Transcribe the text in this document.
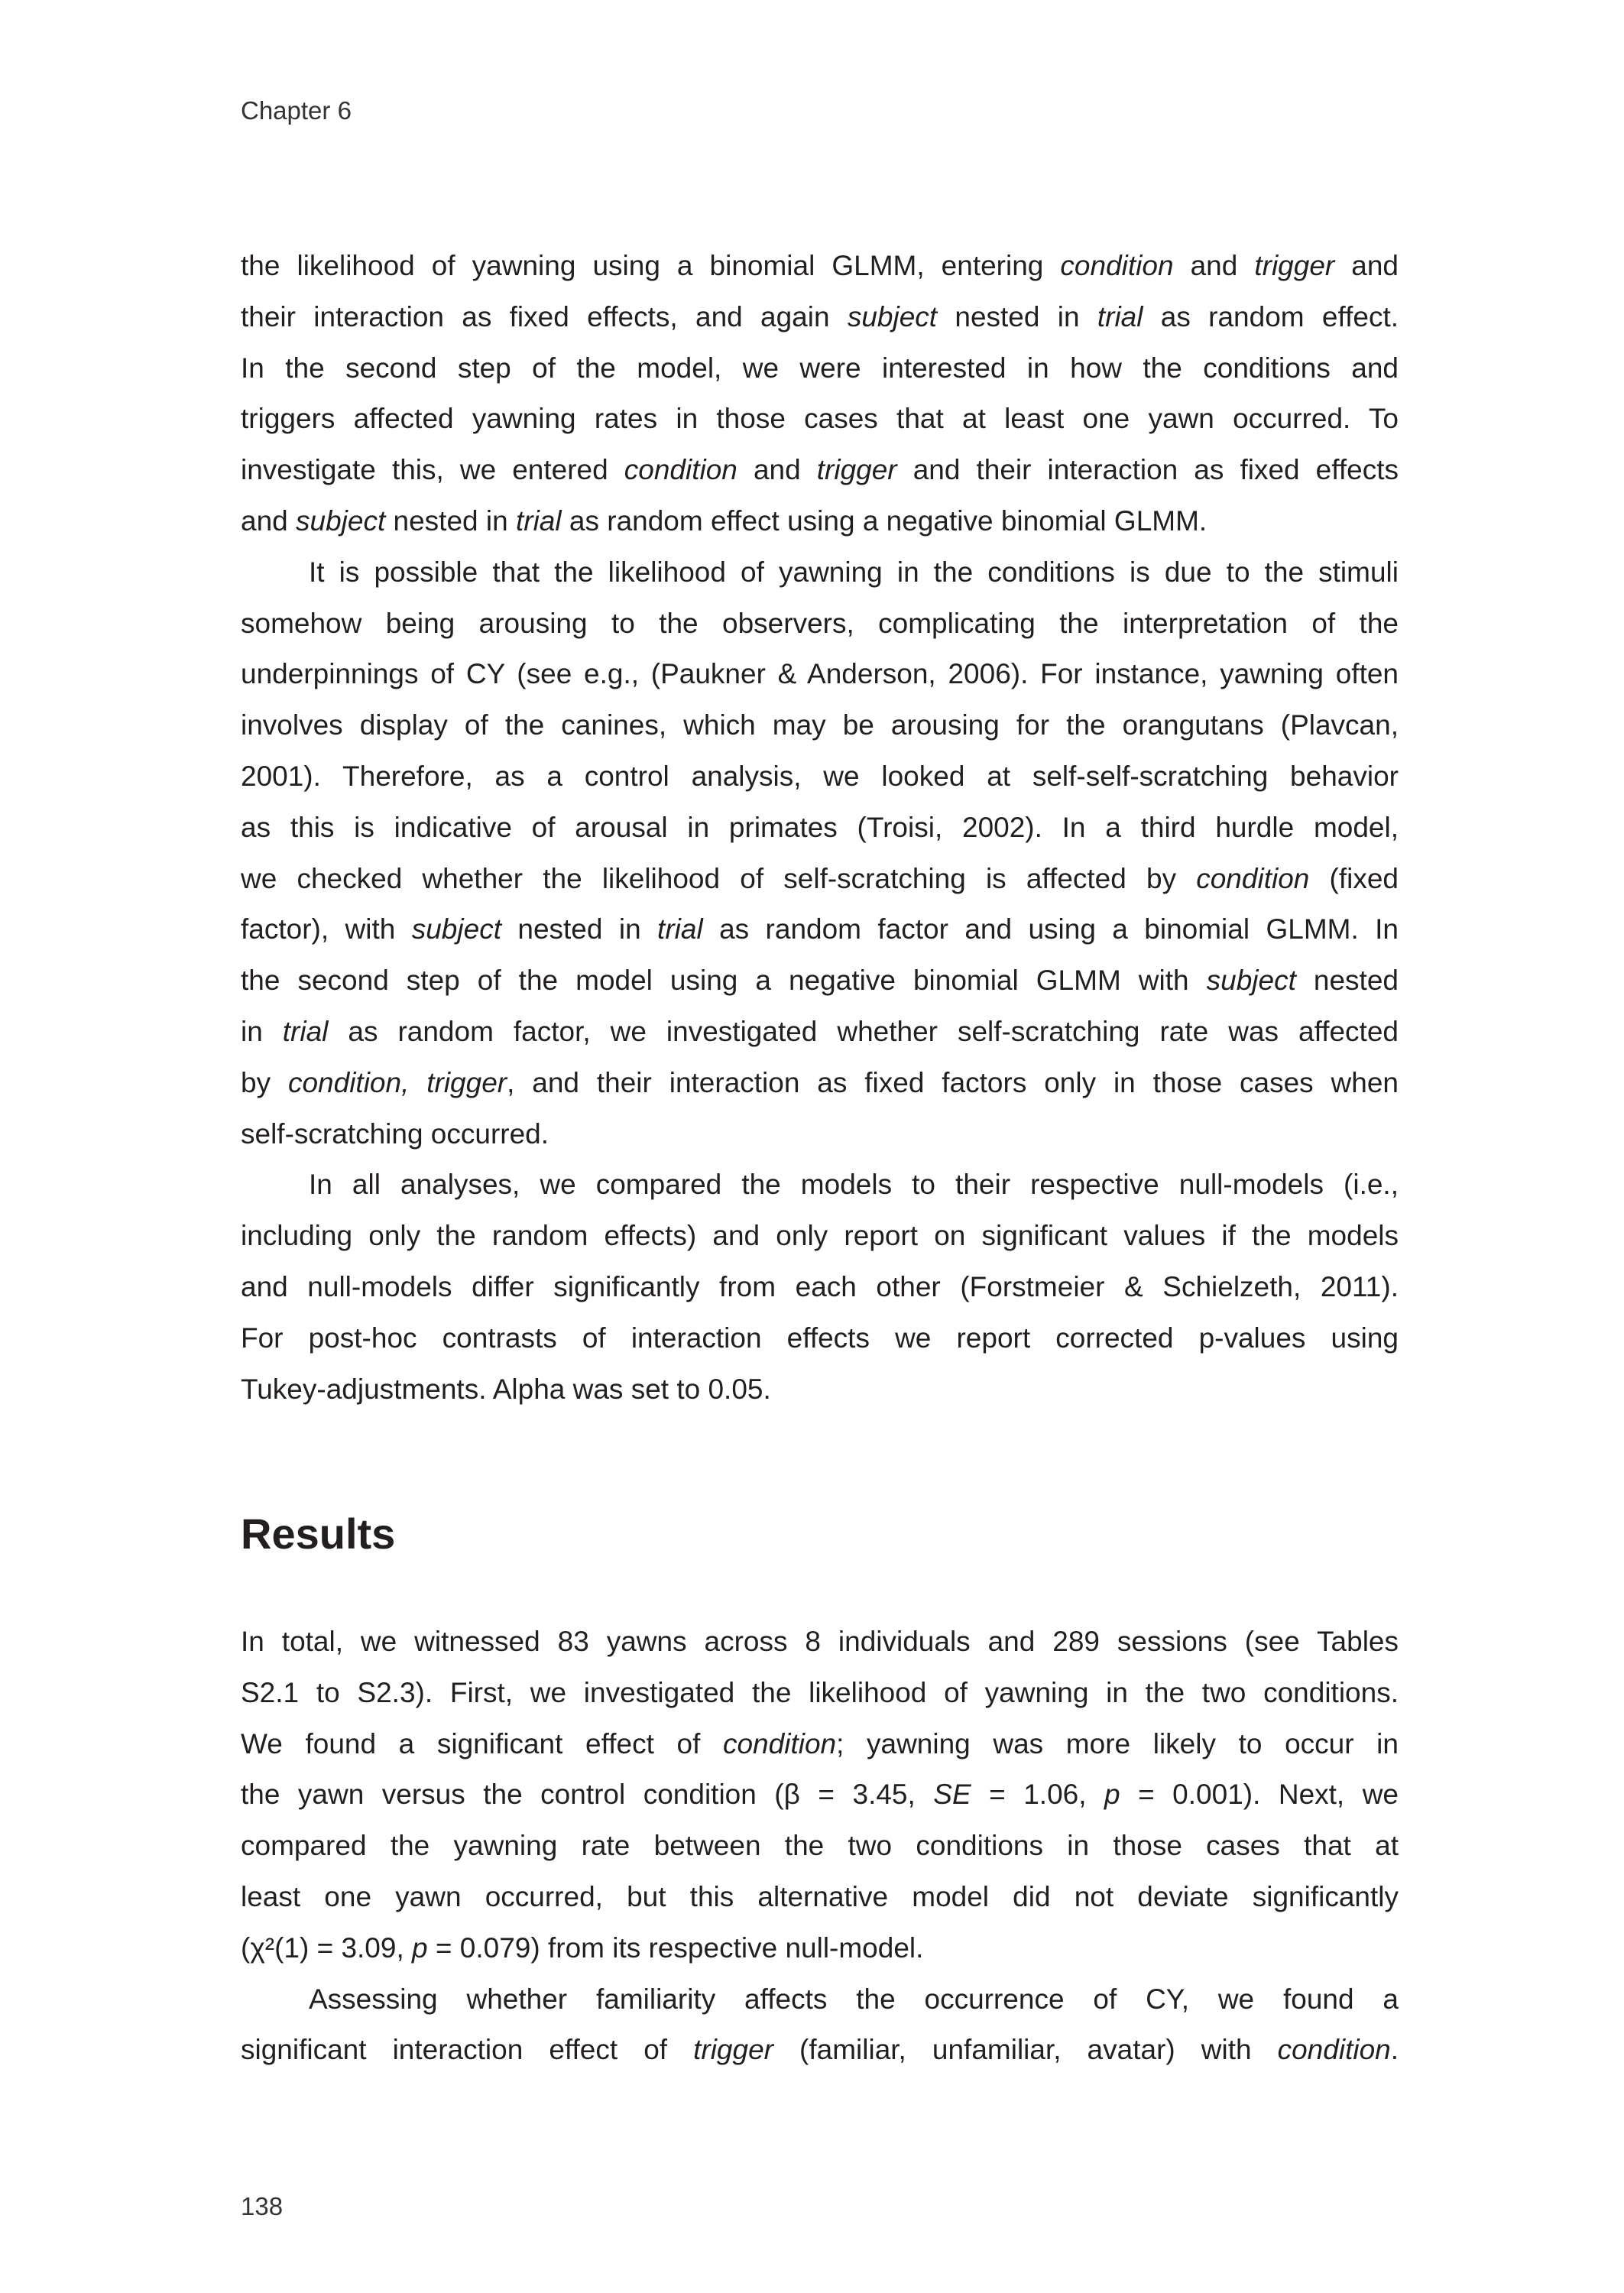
Chapter 6
the likelihood of yawning using a binomial GLMM, entering condition and trigger and
their interaction as fixed effects, and again subject nested in trial as random effect.
In the second step of the model, we were interested in how the conditions and
triggers affected yawning rates in those cases that at least one yawn occurred. To
investigate this, we entered condition and trigger and their interaction as fixed effects
and subject nested in trial as random effect using a negative binomial GLMM.
It is possible that the likelihood of yawning in the conditions is due to the stimuli
somehow being arousing to the observers, complicating the interpretation of the
underpinnings of CY (see e.g., (Paukner & Anderson, 2006). For instance, yawning often
involves display of the canines, which may be arousing for the orangutans (Plavcan,
2001). Therefore, as a control analysis, we looked at self-self-scratching behavior
as this is indicative of arousal in primates (Troisi, 2002). In a third hurdle model,
we checked whether the likelihood of self-scratching is affected by condition (fixed
factor), with subject nested in trial as random factor and using a binomial GLMM. In
the second step of the model using a negative binomial GLMM with subject nested
in trial as random factor, we investigated whether self-scratching rate was affected
by condition, trigger, and their interaction as fixed factors only in those cases when
self-scratching occurred.
In all analyses, we compared the models to their respective null-models (i.e.,
including only the random effects) and only report on significant values if the models
and null-models differ significantly from each other (Forstmeier & Schielzeth, 2011).
For post-hoc contrasts of interaction effects we report corrected p-values using
Tukey-adjustments. Alpha was set to 0.05.
Results
In total, we witnessed 83 yawns across 8 individuals and 289 sessions (see Tables
S2.1 to S2.3). First, we investigated the likelihood of yawning in the two conditions.
We found a significant effect of condition; yawning was more likely to occur in
the yawn versus the control condition (β = 3.45, SE = 1.06, p = 0.001). Next, we
compared the yawning rate between the two conditions in those cases that at
least one yawn occurred, but this alternative model did not deviate significantly
(χ²(1) = 3.09, p = 0.079) from its respective null-model.
Assessing whether familiarity affects the occurrence of CY, we found a
significant interaction effect of trigger (familiar, unfamiliar, avatar) with condition.
138
